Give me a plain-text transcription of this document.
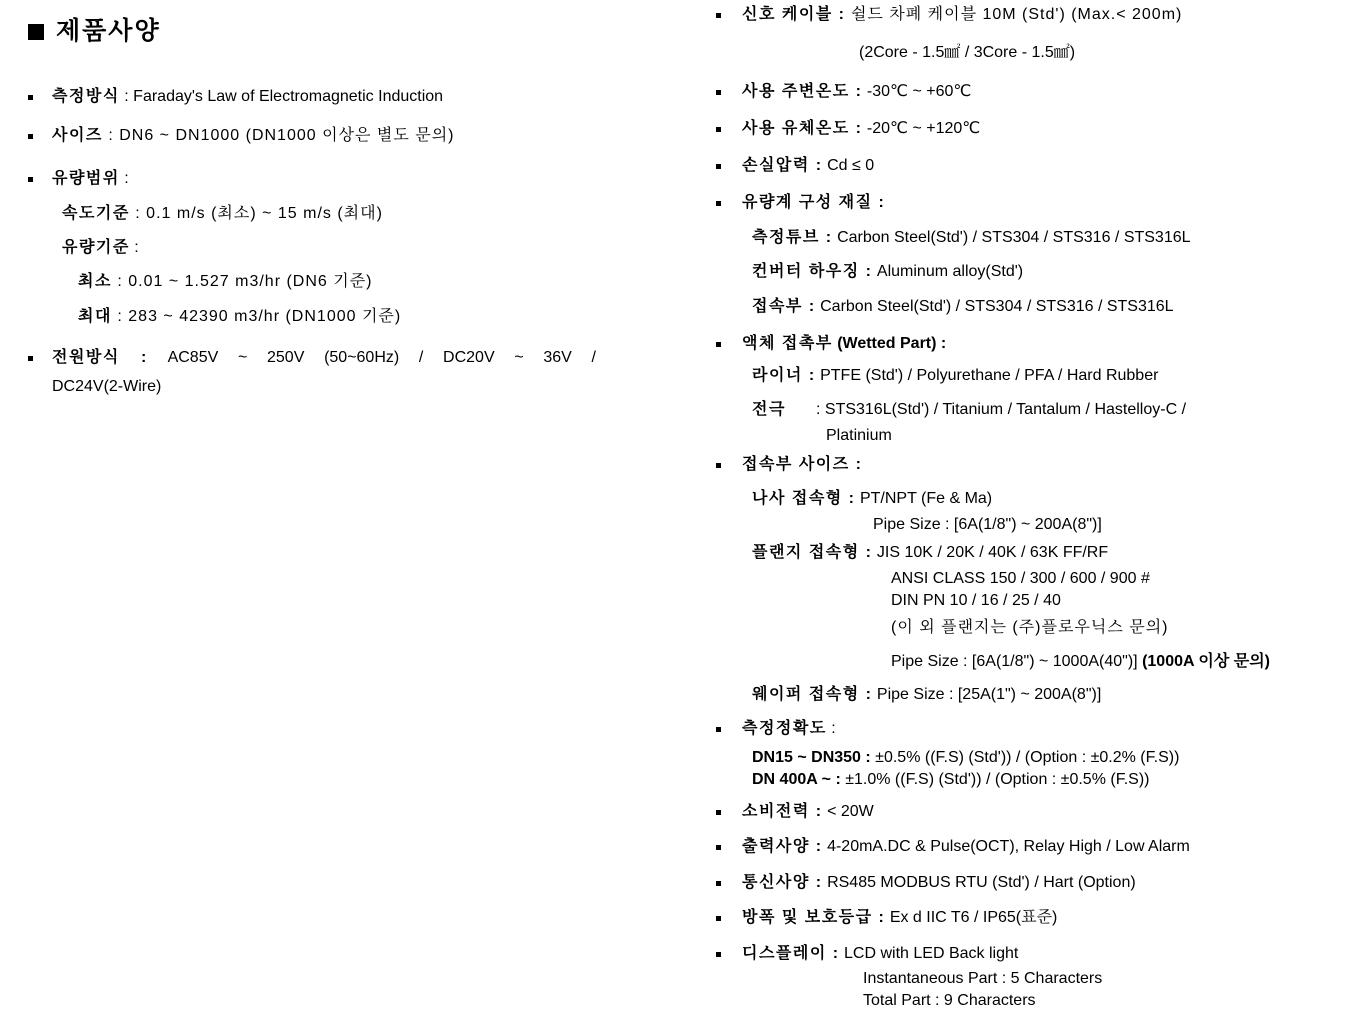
제품사양
측정방식 : Faraday's Law of Electromagnetic Induction
사이즈 : DN6 ~ DN1000 (DN1000 이상은 별도 문의)
유량범위 :
속도기준 : 0.1 m/s (최소) ~ 15 m/s (최대)
유량기준 :
최소 : 0.01 ~ 1.527 m3/hr (DN6 기준)
최대 : 283 ~ 42390 m3/hr (DN1000 기준)
전원방식 : AC85V ~ 250V (50~60Hz) / DC20V ~ 36V /
DC24V(2-Wire)
신호 케이블 : 쉴드 차폐 케이블 10M (Std') (Max.< 200m)
(2Core - 1.5㎟ / 3Core - 1.5㎟)
사용 주변온도 : -30℃ ~ +60℃
사용 유체온도 : -20℃ ~ +120℃
손실압력 : Cd ≤ 0
유량계 구성 재질 :
측정튜브 : Carbon Steel(Std') / STS304 / STS316 / STS316L
컨버터 하우징 : Aluminum alloy(Std')
접속부 : Carbon Steel(Std') / STS304 / STS316 / STS316L
액체 접촉부 (Wetted Part) :
라이너 : PTFE (Std') / Polyurethane / PFA / Hard Rubber
전극 : STS316L(Std') / Titanium / Tantalum / Hastelloy-C /
Platinium
접속부 사이즈 :
나사 접속형 : PT/NPT (Fe & Ma)
Pipe Size : [6A(1/8") ~ 200A(8")]
플랜지 접속형 : JIS 10K / 20K / 40K / 63K FF/RF
ANSI CLASS 150 / 300 / 600 / 900 #
DIN PN 10 / 16 / 25 / 40
(이 외 플랜지는 (주)플로우닉스 문의)
Pipe Size : [6A(1/8") ~ 1000A(40")] (1000A 이상 문의)
웨이퍼 접속형 : Pipe Size : [25A(1") ~ 200A(8")]
측정정확도 :
DN15 ~ DN350 : ±0.5% ((F.S) (Std')) / (Option : ±0.2% (F.S))
DN 400A ~ : ±1.0% ((F.S) (Std')) / (Option : ±0.5% (F.S))
소비전력 : < 20W
출력사양 : 4-20mA.DC & Pulse(OCT), Relay High / Low Alarm
통신사양 : RS485 MODBUS RTU (Std') / Hart (Option)
방폭 및 보호등급 : Ex d IIC T6 / IP65(표준)
디스플레이 : LCD with LED Back light
Instantaneous Part : 5 Characters
Total Part : 9 Characters
